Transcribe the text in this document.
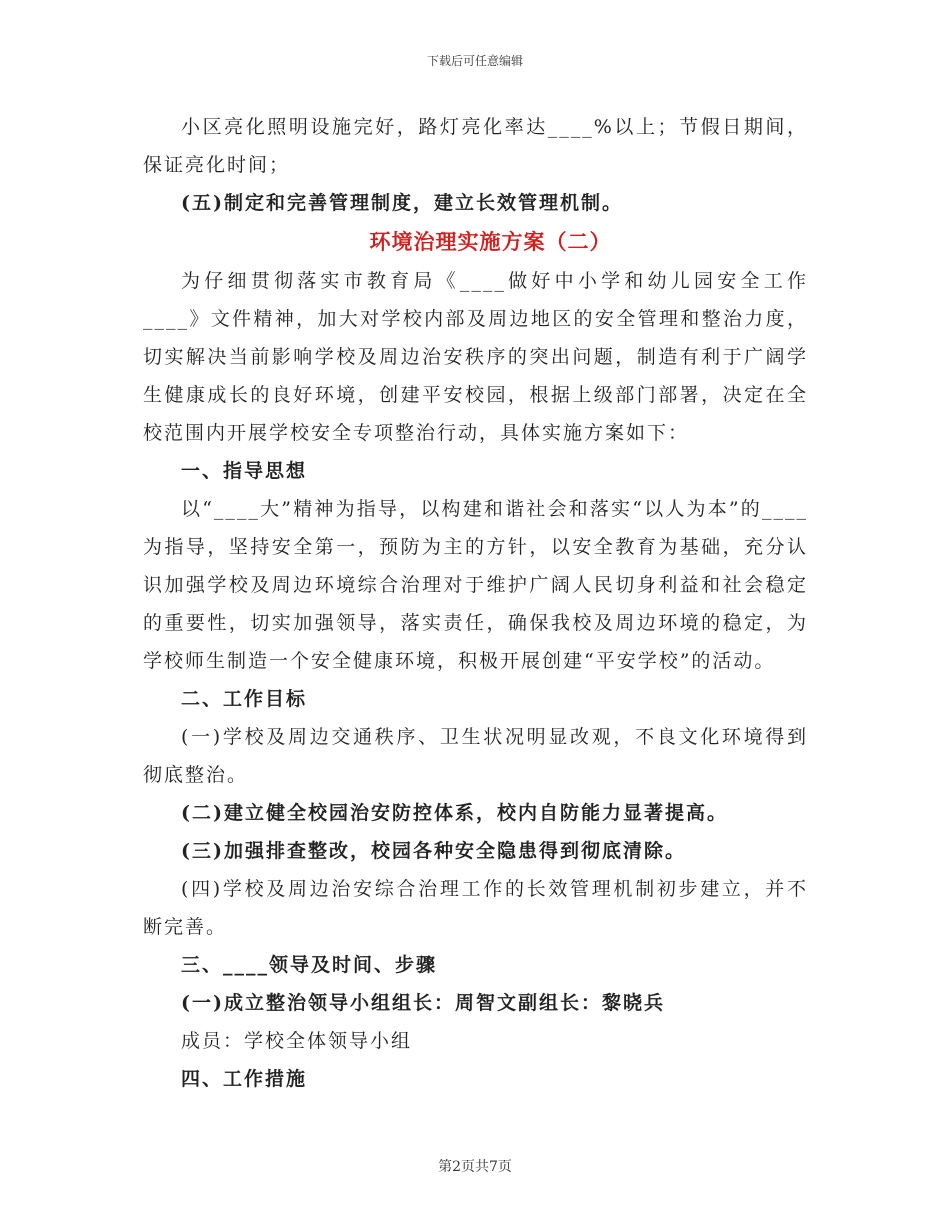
下载后可任意编辑

小区亮化照明设施完好，路灯亮化率达____%以上；节假日期间，保证亮化时间；

(五)制定和完善管理制度，建立长效管理机制。

环境治理实施方案（二）

为仔细贯彻落实市教育局《____做好中小学和幼儿园安全工作____》文件精神，加大对学校内部及周边地区的安全管理和整治力度，切实解决当前影响学校及周边治安秩序的突出问题，制造有利于广阔学生健康成长的良好环境，创建平安校园，根据上级部门部署，决定在全校范围内开展学校安全专项整治行动，具体实施方案如下：

一、指导思想

以“____大”精神为指导，以构建和谐社会和落实“以人为本”的____为指导，坚持安全第一，预防为主的方针，以安全教育为基础，充分认识加强学校及周边环境综合治理对于维护广阔人民切身利益和社会稳定的重要性，切实加强领导，落实责任，确保我校及周边环境的稳定，为学校师生制造一个安全健康环境，积极开展创建“平安学校”的活动。

二、工作目标

(一)学校及周边交通秩序、卫生状况明显改观，不良文化环境得到彻底整治。

(二)建立健全校园治安防控体系，校内自防能力显著提高。

(三)加强排查整改，校园各种安全隐患得到彻底清除。

(四)学校及周边治安综合治理工作的长效管理机制初步建立，并不断完善。

三、____领导及时间、步骤

(一)成立整治领导小组组长：周智文副组长：黎晓兵

成员：学校全体领导小组

四、工作措施

第2页共7页
